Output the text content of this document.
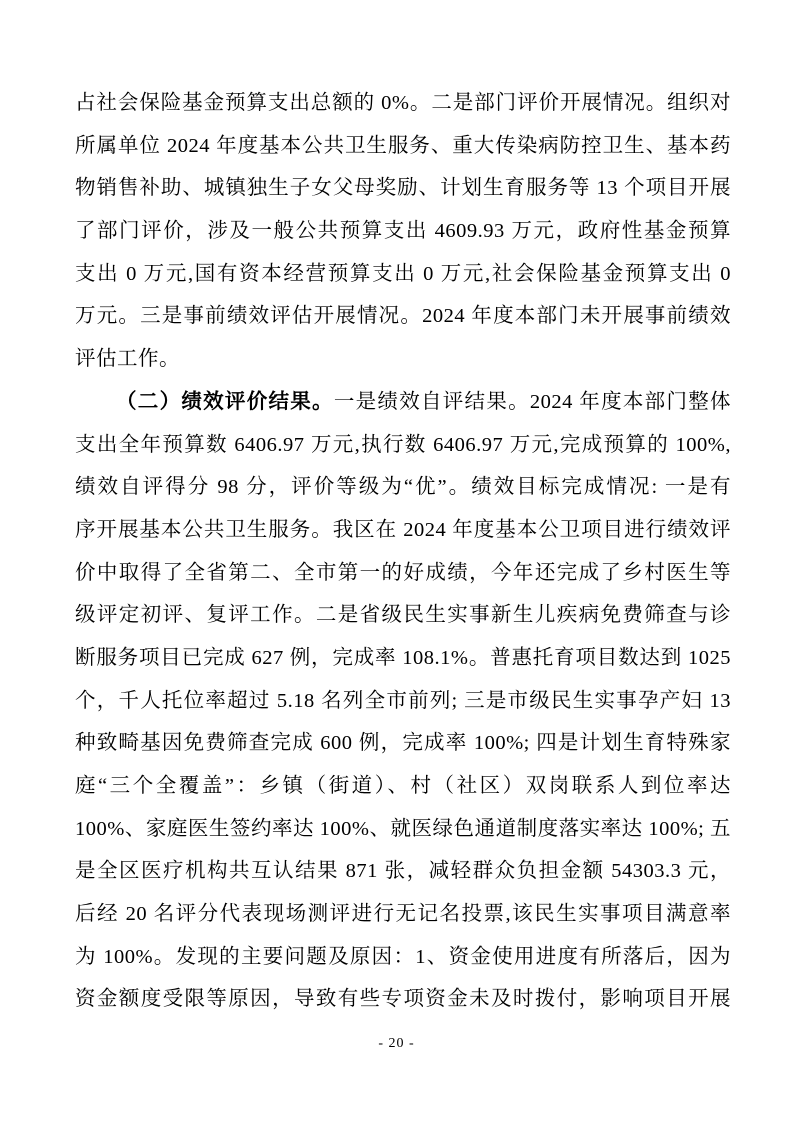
占社会保险基金预算支出总额的 0%。二是部门评价开展情况。组织对
所属单位 2024 年度基本公共卫生服务、重大传染病防控卫生、基本药
物销售补助、城镇独生子女父母奖励、计划生育服务等 13 个项目开展
了部门评价，涉及一般公共预算支出 4609.93 万元，政府性基金预算
支出 0 万元,国有资本经营预算支出 0 万元,社会保险基金预算支出 0
万元。三是事前绩效评估开展情况。2024 年度本部门未开展事前绩效
评估工作。
（二）绩效评价结果。一是绩效自评结果。2024 年度本部门整体
支出全年预算数 6406.97 万元,执行数 6406.97 万元,完成预算的 100%,
绩效自评得分 98 分，评价等级为“优”。绩效目标完成情况: 一是有
序开展基本公共卫生服务。我区在 2024 年度基本公卫项目进行绩效评
价中取得了全省第二、全市第一的好成绩，今年还完成了乡村医生等
级评定初评、复评工作。二是省级民生实事新生儿疾病免费筛查与诊
断服务项目已完成 627 例，完成率 108.1%。普惠托育项目数达到 1025
个，千人托位率超过 5.18 名列全市前列; 三是市级民生实事孕产妇 13
种致畸基因免费筛查完成 600 例，完成率 100%; 四是计划生育特殊家
庭“三个全覆盖”：乡镇（街道）、村（社区）双岗联系人到位率达
100%、家庭医生签约率达 100%、就医绿色通道制度落实率达 100%; 五
是全区医疗机构共互认结果 871 张，减轻群众负担金额 54303.3 元，
后经 20 名评分代表现场测评进行无记名投票,该民生实事项目满意率
为 100%。发现的主要问题及原因：1、资金使用进度有所落后，因为
资金额度受限等原因，导致有些专项资金未及时拨付，影响项目开展
- 20 -
